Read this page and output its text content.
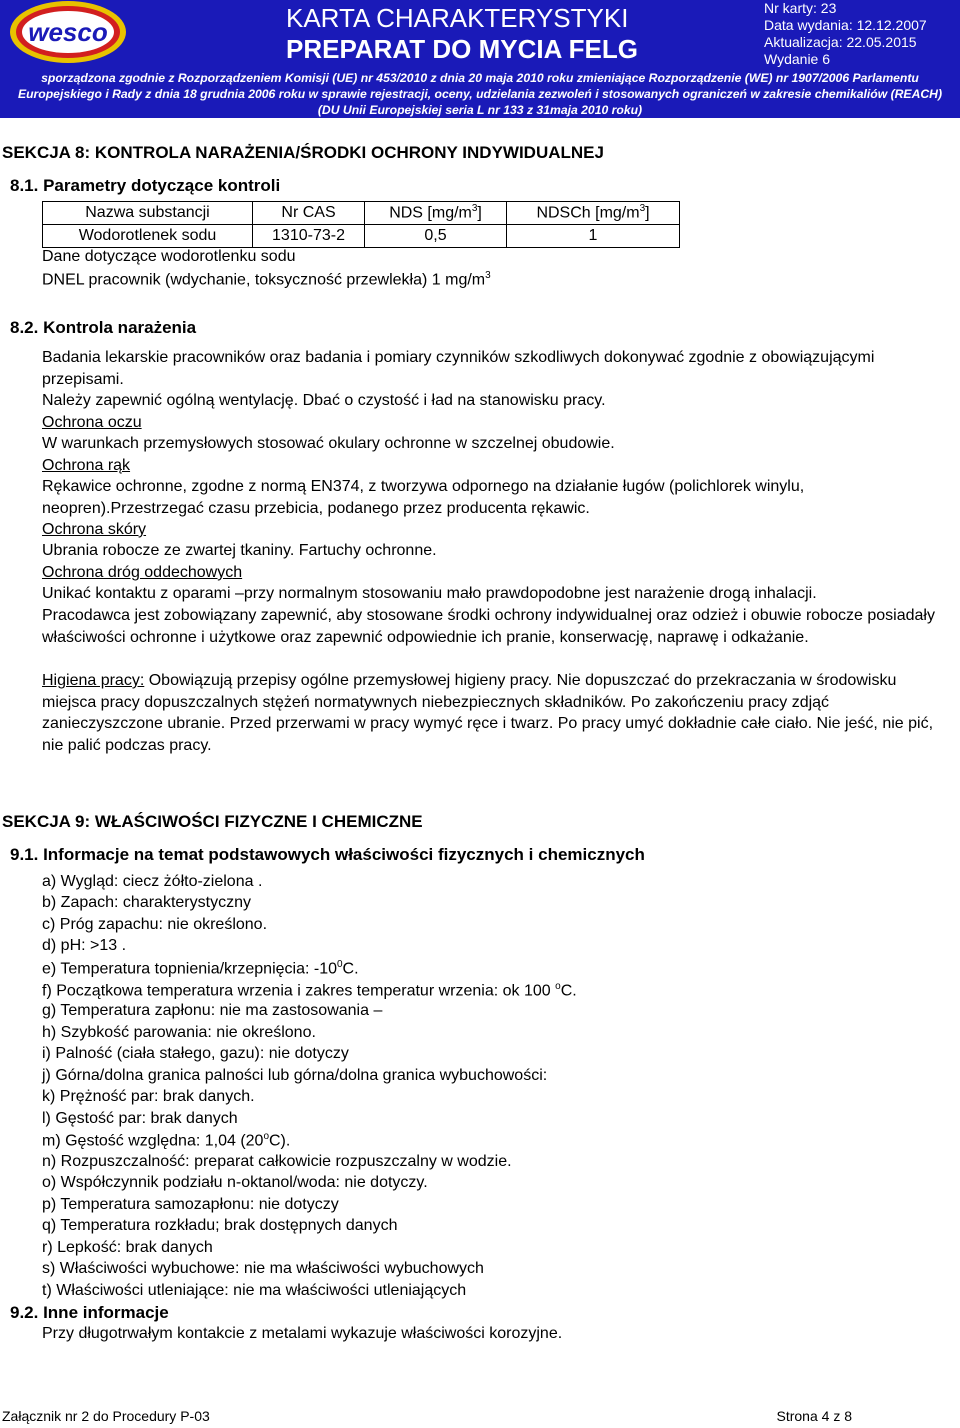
wesco	KARTA CHARAKTERYSTYKI
PREPARAT DO MYCIA FELG
Nr karty: 23
Data wydania: 12.12.2007
Aktualizacja: 22.05.2015
Wydanie 6
sporządzona zgodnie z Rozporządzeniem Komisji (UE) nr 453/2010 z dnia 20 maja 2010 roku zmieniające Rozporządzenie (WE) nr 1907/2006 Parlamentu
Europejskiego i Rady z dnia 18 grudnia 2006 roku w sprawie rejestracji, oceny, udzielania zezwoleń i stosowanych ograniczeń w zakresie chemikaliów (REACH)
(DU Unii Europejskiej seria L nr 133 z 31maja 2010 roku)
SEKCJA 8: KONTROLA NARAŻENIA/ŚRODKI OCHRONY INDYWIDUALNEJ
8.1. Parametry dotyczące kontroli
Nazwa substancji	Nr CAS	NDS $[mg/m^3]$	NDSCh $[mg/m^3]$
Wodorotlenek sodu	1310-73-2	0,5	1
Dane dotyczące wodorotlenku sodu
DNEL pracownik (wdychanie, toksyczność przewlekła) 1 $mg/m^3$
8.2. Kontrola narażenia
Badania lekarskie pracowników oraz badania i pomiary czynników szkodliwych dokonywać zgodnie z obowiązującymi przepisami.
Należy zapewnić ogólną wentylację. Dbać o czystość i ład na stanowisku pracy.
Ochrona oczu
W warunkach przemysłowych stosować okulary ochronne w szczelnej obudowie.
Ochrona rąk
Rękawice ochronne, zgodne z normą EN374, z tworzywa odpornego na działanie ługów (polichlorek winylu, neopren).Przestrzegać czasu przebicia, podanego przez producenta rękawic.
Ochrona skóry
Ubrania robocze ze zwartej tkaniny. Fartuchy ochronne.
Ochrona dróg oddechowych
Unikać kontaktu z oparami –przy normalnym stosowaniu mało prawdopodobne jest narażenie drogą inhalacji.
Pracodawca jest zobowiązany zapewnić, aby stosowane środki ochrony indywidualnej oraz odzież i obuwie robocze posiadały właściwości ochronne i użytkowe oraz zapewnić odpowiednie ich pranie, konserwację, naprawę i odkażanie.
Higiena pracy: Obowiązują przepisy ogólne przemysłowej higieny pracy. Nie dopuszczać do przekraczania w środowisku miejsca pracy dopuszczalnych stężeń normatywnych niebezpiecznych składników. Po zakończeniu pracy zdjąć zanieczyszczone ubranie. Przed przerwami w pracy wymyć ręce i twarz. Po pracy umyć dokładnie całe ciało. Nie jeść, nie pić, nie palić podczas pracy.
SEKCJA 9: WŁAŚCIWOŚCI FIZYCZNE I CHEMICZNE
9.1. Informacje na temat podstawowych właściwości fizycznych i chemicznych
a) Wygląd: ciecz żółto-zielona .
b) Zapach: charakterystyczny
c) Próg zapachu: nie określono.
d) pH: >13 .
e) Temperatura topnienia/krzepnięcia: $-10^0C$.
f) Początkowa temperatura wrzenia i zakres temperatur wrzenia: ok 100 $^o$C.
g) Temperatura zapłonu: nie ma zastosowania –
h) Szybkość parowania: nie określono.
i) Palność (ciała stałego, gazu): nie dotyczy
j) Górna/dolna granica palności lub górna/dolna granica wybuchowości:
k) Prężność par: brak danych.
l) Gęstość par: brak danych
m) Gęstość względna: 1,04 (20$^o$C).
n) Rozpuszczalność: preparat całkowicie rozpuszczalny w wodzie.
o) Współczynnik podziału n-oktanol/woda: nie dotyczy.
p) Temperatura samozapłonu: nie dotyczy
q) Temperatura rozkładu; brak dostępnych danych
r) Lepkość: brak danych
s) Właściwości wybuchowe: nie ma właściwości wybuchowych
t) Właściwości utleniające: nie ma właściwości utleniających
9.2. Inne informacje
Przy długotrwałym kontakcie z metalami wykazuje właściwości korozyjne.
Załącznik nr 2 do Procedury P-03	Strona 4 z 8
